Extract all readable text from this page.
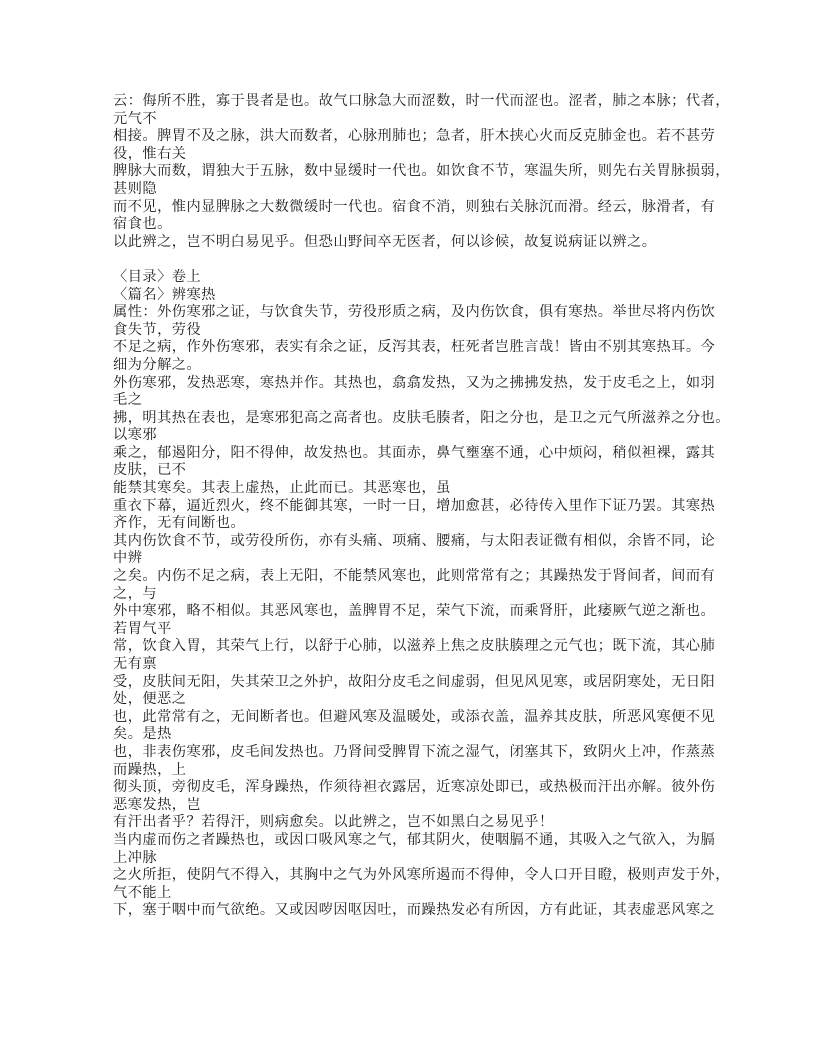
云：侮所不胜，寡于畏者是也。故气口脉急大而涩数，时一代而涩也。涩者，肺之本脉；代者，
元气不
相接。脾胃不及之脉，洪大而数者，心脉刑肺也；急者，肝木挟心火而反克肺金也。若不甚劳
役，惟右关
脾脉大而数，谓独大于五脉，数中显缓时一代也。如饮食不节，寒温失所，则先右关胃脉损弱，
甚则隐
而不见，惟内显脾脉之大数微缓时一代也。宿食不消，则独右关脉沉而滑。经云，脉滑者，有
宿食也。
以此辨之，岂不明白易见乎。但恐山野间卒无医者，何以诊候，故复说病证以辨之。

〈目录〉卷上
〈篇名〉辨寒热
属性：外伤寒邪之证，与饮食失节，劳役形质之病，及内伤饮食，俱有寒热。举世尽将内伤饮
食失节，劳役
不足之病，作外伤寒邪，表实有余之证，反泻其表，枉死者岂胜言哉！皆由不别其寒热耳。今
细为分解之。
外伤寒邪，发热恶寒，寒热并作。其热也，翕翕发热，又为之拂拂发热，发于皮毛之上，如羽
毛之
拂，明其热在表也，是寒邪犯高之高者也。皮肤毛腠者，阳之分也，是卫之元气所滋养之分也。
以寒邪
乘之，郁遏阳分，阳不得伸，故发热也。其面赤，鼻气壅塞不通，心中烦闷，稍似袒裸，露其
皮肤，已不
能禁其寒矣。其表上虚热，止此而已。其恶寒也，虽
重衣下幕，逼近烈火，终不能御其寒，一时一日，增加愈甚，必待传入里作下证乃罢。其寒热
齐作，无有间断也。
其内伤饮食不节，或劳役所伤，亦有头痛、项痛、腰痛，与太阳表证微有相似，余皆不同，论
中辨
之矣。内伤不足之病，表上无阳，不能禁风寒也，此则常常有之；其躁热发于肾间者，间而有
之，与
外中寒邪，略不相似。其恶风寒也，盖脾胃不足，荣气下流，而乘肾肝，此痿厥气逆之渐也。
若胃气平
常，饮食入胃，其荣气上行，以舒于心肺，以滋养上焦之皮肤腠理之元气也；既下流，其心肺
无有禀
受，皮肤间无阳，失其荣卫之外护，故阳分皮毛之间虚弱，但见风见寒，或居阴寒处，无日阳
处，便恶之
也，此常常有之，无间断者也。但避风寒及温暖处，或添衣盖，温养其皮肤，所恶风寒便不见
矣。是热
也，非表伤寒邪，皮毛间发热也。乃肾间受脾胃下流之湿气，闭塞其下，致阴火上冲，作蒸蒸
而躁热，上
彻头顶，旁彻皮毛，浑身躁热，作须待袒衣露居，近寒凉处即已，或热极而汗出亦解。彼外伤
恶寒发热，岂
有汗出者乎？若得汗，则病愈矣。以此辨之，岂不如黑白之易见乎！
当内虚而伤之者躁热也，或因口吸风寒之气，郁其阴火，使咽膈不通，其吸入之气欲入，为膈
上冲脉
之火所拒，使阴气不得入，其胸中之气为外风寒所遏而不得伸，令人口开目瞪，极则声发于外，
气不能上
下，塞于咽中而气欲绝。又或因哕因呕因吐，而躁热发必有所因，方有此证，其表虚恶风寒之
